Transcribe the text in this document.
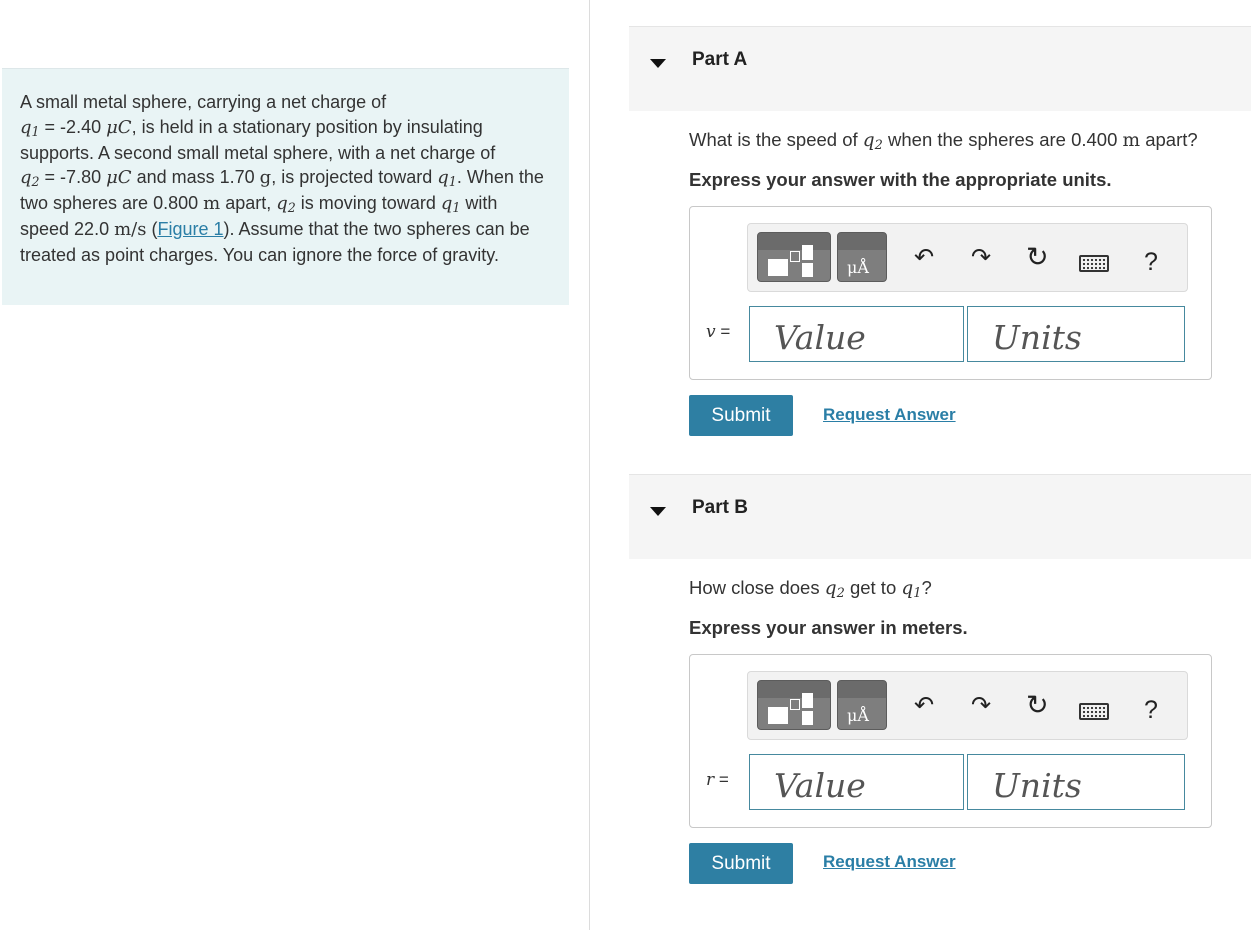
A small metal sphere, carrying a net charge of
$q_1 = -2.40$ μC, is held in a stationary position by insulating supports. A second small metal sphere, with a net charge of
$q_2 = -7.80$ μC and mass 1.70 g, is projected toward $q_1$. When the two spheres are 0.800 m apart, $q_2$ is moving toward $q_1$ with speed 22.0 m/s (Figure 1). Assume that the two spheres can be treated as point charges. You can ignore the force of gravity.
Part A
What is the speed of $q_2$ when the spheres are 0.400 m apart?
Express your answer with the appropriate units.
μÅ ↶ ↷ ↻	?
v =
Value
Units
Submit	Request Answer
Part B
How close does $q_2$ get to $q_1$?
Express your answer in meters.
μÅ ↶ ↷ ↻	?
r =
Value
Units
Submit	Request Answer
